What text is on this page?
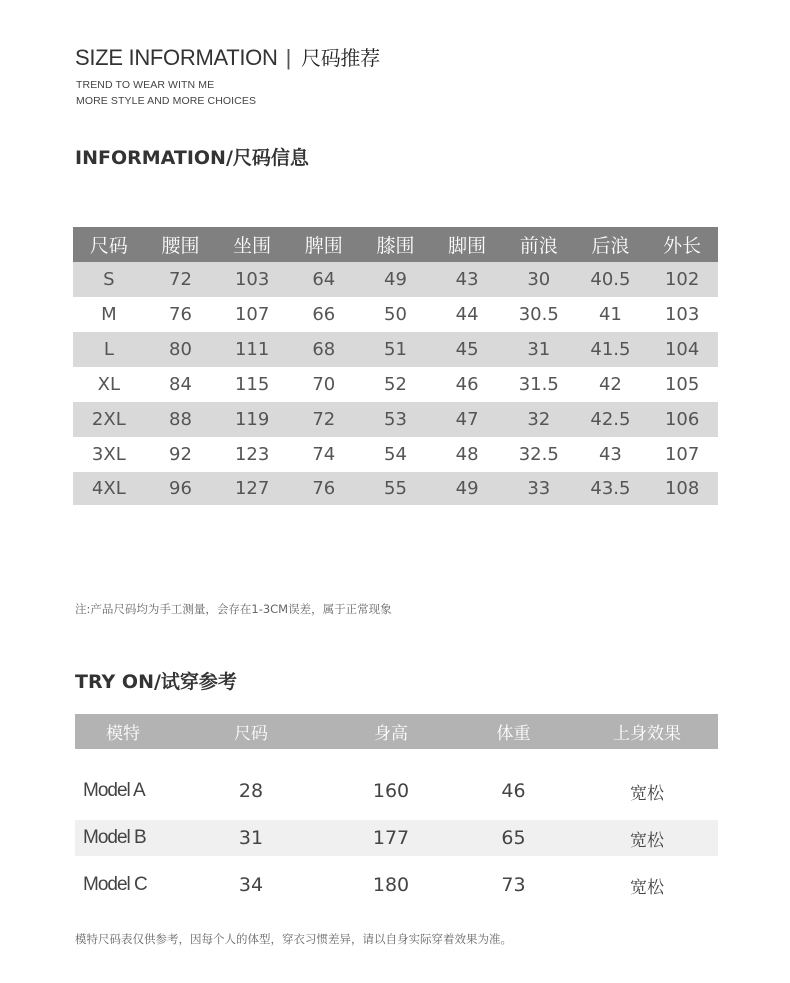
SIZE INFORMATION | 尺码推荐
TREND TO WEAR WITN ME
MORE STYLE AND MORE CHOICES
INFORMATION/尺码信息
尺码	腰围	坐围	脾围	膝围	脚围	前浪	后浪	外长
S	72	103	64	49	43	30	40.5	102
M	76	107	66	50	44	30.5	41	103
L	80	111	68	51	45	31	41.5	104
XL	84	115	70	52	46	31.5	42	105
2XL	88	119	72	53	47	32	42.5	106
3XL	92	123	74	54	48	32.5	43	107
4XL	96	127	76	55	49	33	43.5	108
注:产品尺码均为手工测量，会存在1-3CM误差，属于正常现象
TRY ON/试穿参考
模特	尺码	身高	体重	上身效果
Model A	28	160	46	宽松
Model B	31	177	65	宽松
Model C	34	180	73	宽松
模特尺码表仅供参考，因每个人的体型，穿衣习惯差异，请以自身实际穿着效果为准。
